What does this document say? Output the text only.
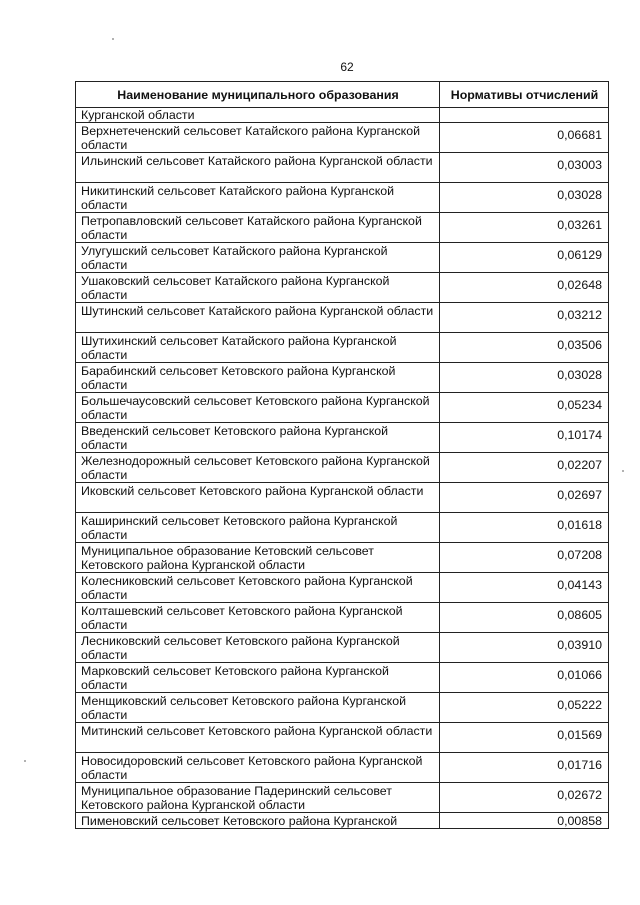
62
Наименование муниципального образования	Нормативы отчислений
Курганской области	
Верхнетеченский сельсовет Катайского района Курганской области	0,06681
Ильинский сельсовет Катайского района Курганской области	0,03003
Никитинский сельсовет Катайского района Курганской области	0,03028
Петропавловский сельсовет Катайского района Курганской области	0,03261
Улугушский сельсовет Катайского района Курганской области	0,06129
Ушаковский сельсовет Катайского района Курганской области	0,02648
Шутинский сельсовет Катайского района Курганской области	0,03212
Шутихинский сельсовет Катайского района Курганской области	0,03506
Барабинский сельсовет Кетовского района Курганской области	0,03028
Большечаусовский сельсовет Кетовского района Курганской области	0,05234
Введенский сельсовет Кетовского района Курганской области	0,10174
Железнодорожный сельсовет Кетовского района Курганской области	0,02207
Иковский сельсовет Кетовского района Курганской области	0,02697
Каширинский сельсовет Кетовского района Курганской области	0,01618
Муниципальное образование Кетовский сельсовет Кетовского района Курганской области	0,07208
Колесниковский сельсовет Кетовского района Курганской области	0,04143
Колташевский сельсовет Кетовского района Курганской области	0,08605
Лесниковский сельсовет Кетовского района Курганской области	0,03910
Марковский сельсовет Кетовского района Курганской области	0,01066
Менщиковский сельсовет Кетовского района Курганской области	0,05222
Митинский сельсовет Кетовского района Курганской области	0,01569
Новосидоровский сельсовет Кетовского района Курганской области	0,01716
Муниципальное образование Падеринский сельсовет Кетовского района Курганской области	0,02672
Пименовский сельсовет Кетовского района Курганской	0,00858
